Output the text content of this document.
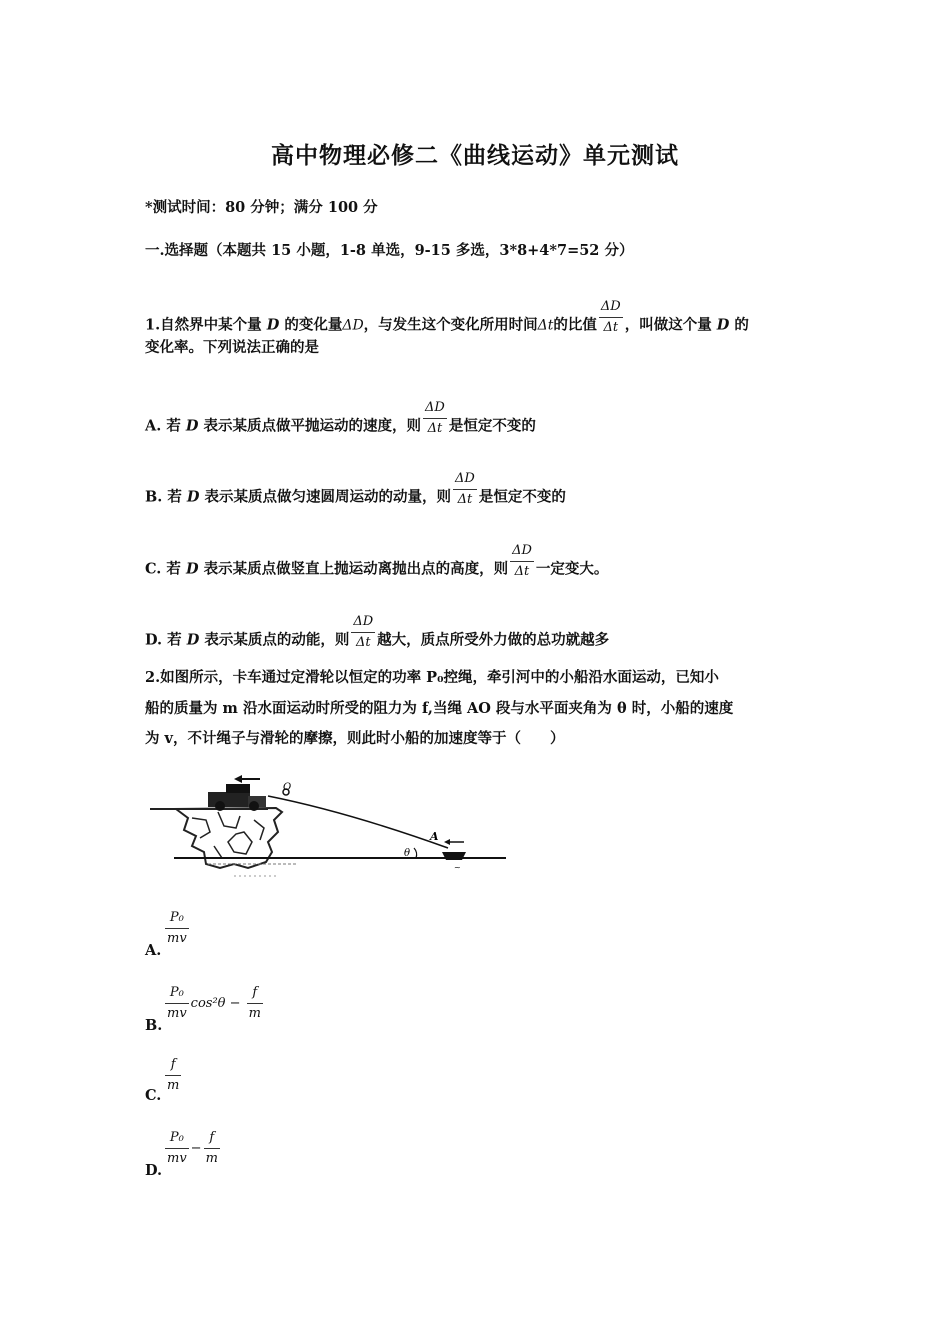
高中物理必修二《曲线运动》单元测试
*测试时间：80 分钟；满分 100 分
一.选择题（本题共 15 小题，1-8 单选，9-15 多选，3*8+4*7=52 分）
1.自然界中某个量 D 的变化量ΔD，与发生这个变化所用时间Δt的比值 $\frac{\Delta D}{\Delta t}$ ，叫做这个量 D 的
变化率。下列说法正确的是
A. 若 D 表示某质点做平抛运动的速度，则 $\frac{\Delta D}{\Delta t}$ 是恒定不变的
B. 若 D 表示某质点做匀速圆周运动的动量，则 $\frac{\Delta D}{\Delta t}$ 是恒定不变的
C. 若 D 表示某质点做竖直上抛运动离抛出点的高度，则 $\frac{\Delta D}{\Delta t}$ 一定变大。
D. 若 D 表示某质点的动能，则 $\frac{\Delta D}{\Delta t}$ 越大，质点所受外力做的总功就越多
2.如图所示，卡车通过定滑轮以恒定的功率 P₀控绳，牵引河中的小船沿水面运动，已知小
船的质量为 m 沿水面运动时所受的阻力为 f,当绳 AO 段与水平面夹角为 θ 时，小船的速度
为 v，不计绳子与滑轮的摩擦，则此时小船的加速度等于（　　）
O
θ
A
~
A.
$\frac{\text{P₀}}{mv}$
B.
$\frac{\text{P₀}}{mv} \cos^2\theta - \frac{f}{m}$
C.
$\frac{f}{m}$
D.
$\frac{\text{P₀}}{mv} - \frac{f}{m}$
